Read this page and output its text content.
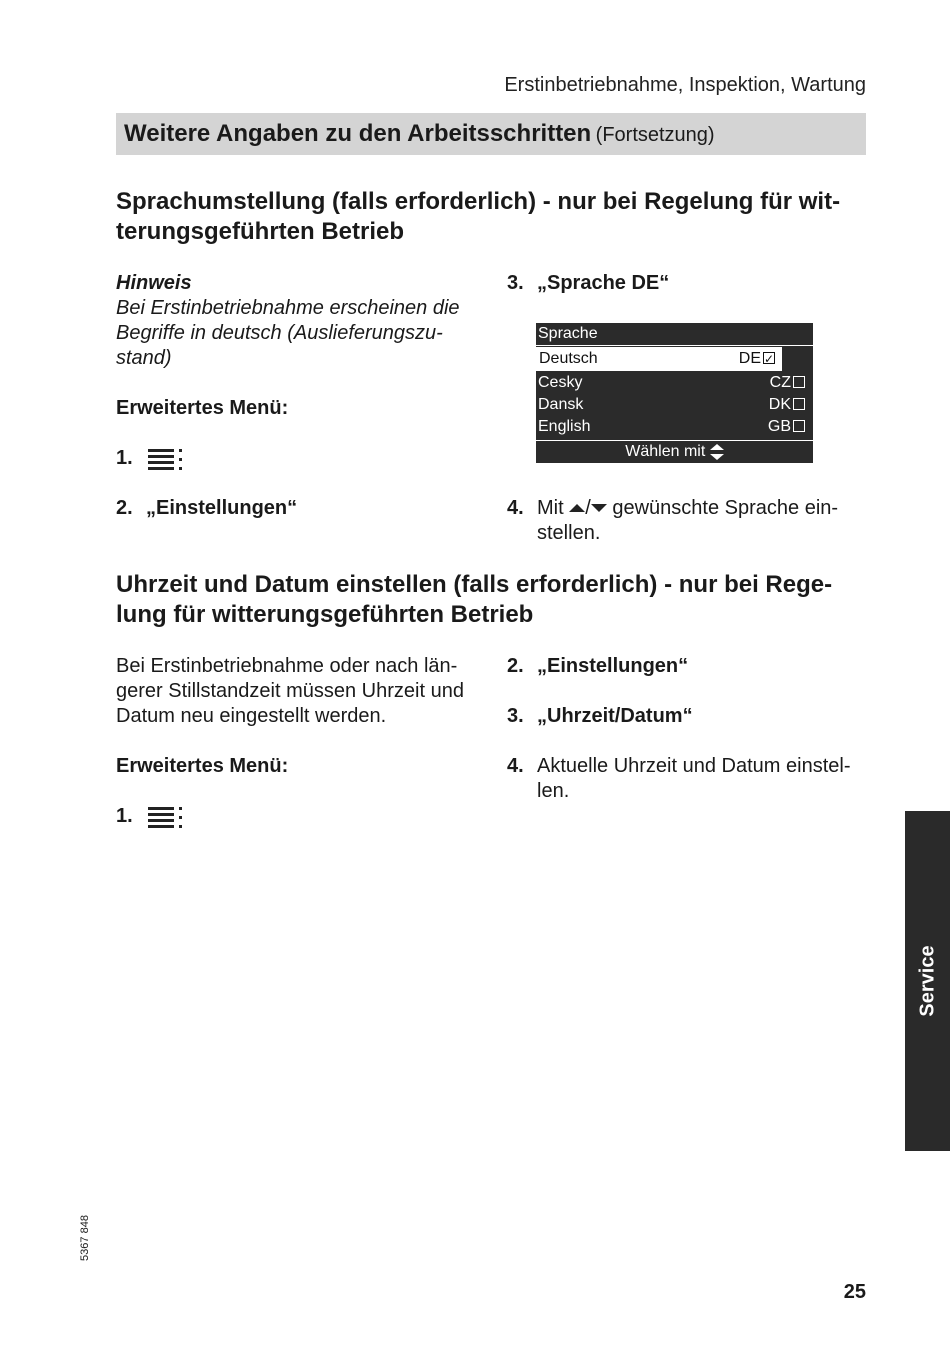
Erstinbetriebnahme, Inspektion, Wartung
Weitere Angaben zu den Arbeitsschritten (Fortsetzung)
Sprachumstellung (falls erforderlich) - nur bei Regelung für wit-
terungsgeführten Betrieb
Hinweis
Bei Erstinbetriebnahme erscheinen die
Begriffe in deutsch (Auslieferungszu-
stand)
Erweitertes Menü:
1.
2. „Einstellungen“
3. „Sprache DE“
Sprache
Deutsch	DE✓
Cesky	CZ
Dansk	DK
English	GB
Wählen mit
4. Mit / gewünschte Sprache ein-
stellen.
Uhrzeit und Datum einstellen (falls erforderlich) - nur bei Rege-
lung für witterungsgeführten Betrieb
Bei Erstinbetriebnahme oder nach län-
gerer Stillstandzeit müssen Uhrzeit und
Datum neu eingestellt werden.
Erweitertes Menü:
1.
2. „Einstellungen“
3. „Uhrzeit/Datum“
4. Aktuelle Uhrzeit und Datum einstel-
len.
Service
5367 848
25
